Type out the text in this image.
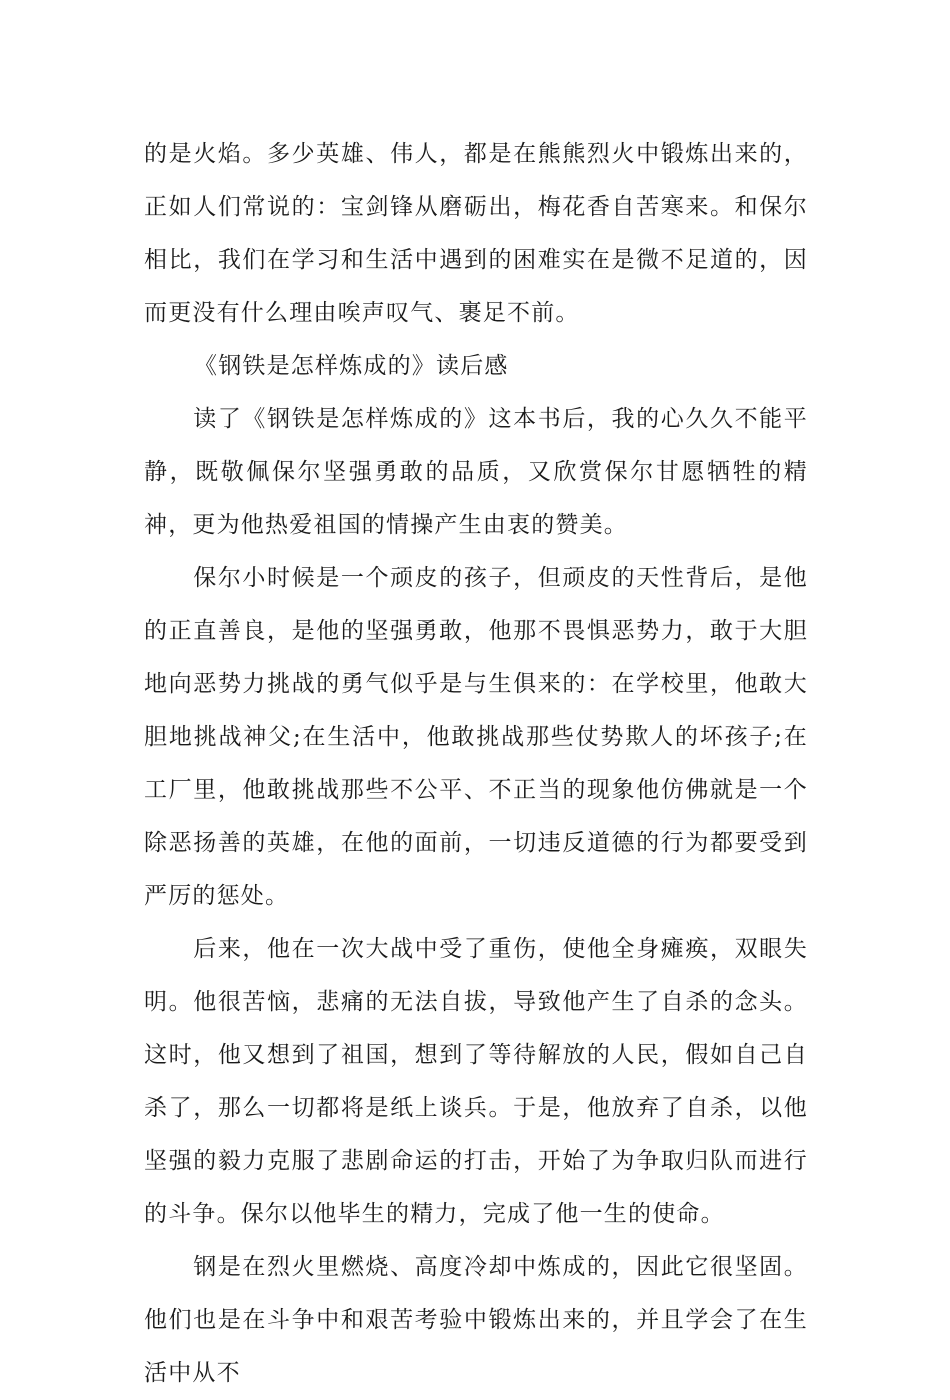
的是火焰。多少英雄、伟人，都是在熊熊烈火中锻炼出来的，正如人们常说的：宝剑锋从磨砺出，梅花香自苦寒来。和保尔相比，我们在学习和生活中遇到的困难实在是微不足道的，因而更没有什么理由唉声叹气、裹足不前。

《钢铁是怎样炼成的》读后感

　　读了《钢铁是怎样炼成的》这本书后，我的心久久不能平静，既敬佩保尔坚强勇敢的品质，又欣赏保尔甘愿牺牲的精神，更为他热爱祖国的情操产生由衷的赞美。

　　保尔小时候是一个顽皮的孩子，但顽皮的天性背后，是他的正直善良，是他的坚强勇敢，他那不畏惧恶势力，敢于大胆地向恶势力挑战的勇气似乎是与生俱来的：在学校里，他敢大胆地挑战神父;在生活中，他敢挑战那些仗势欺人的坏孩子;在工厂里，他敢挑战那些不公平、不正当的现象他仿佛就是一个除恶扬善的英雄，在他的面前，一切违反道德的行为都要受到严厉的惩处。

　　后来，他在一次大战中受了重伤，使他全身瘫痪，双眼失明。他很苦恼，悲痛的无法自拔，导致他产生了自杀的念头。这时，他又想到了祖国，想到了等待解放的人民，假如自己自杀了，那么一切都将是纸上谈兵。于是，他放弃了自杀，以他坚强的毅力克服了悲剧命运的打击，开始了为争取归队而进行的斗争。保尔以他毕生的精力，完成了他一生的使命。

　　钢是在烈火里燃烧、高度冷却中炼成的，因此它很坚固。他们也是在斗争中和艰苦考验中锻炼出来的，并且学会了在生活中从不
